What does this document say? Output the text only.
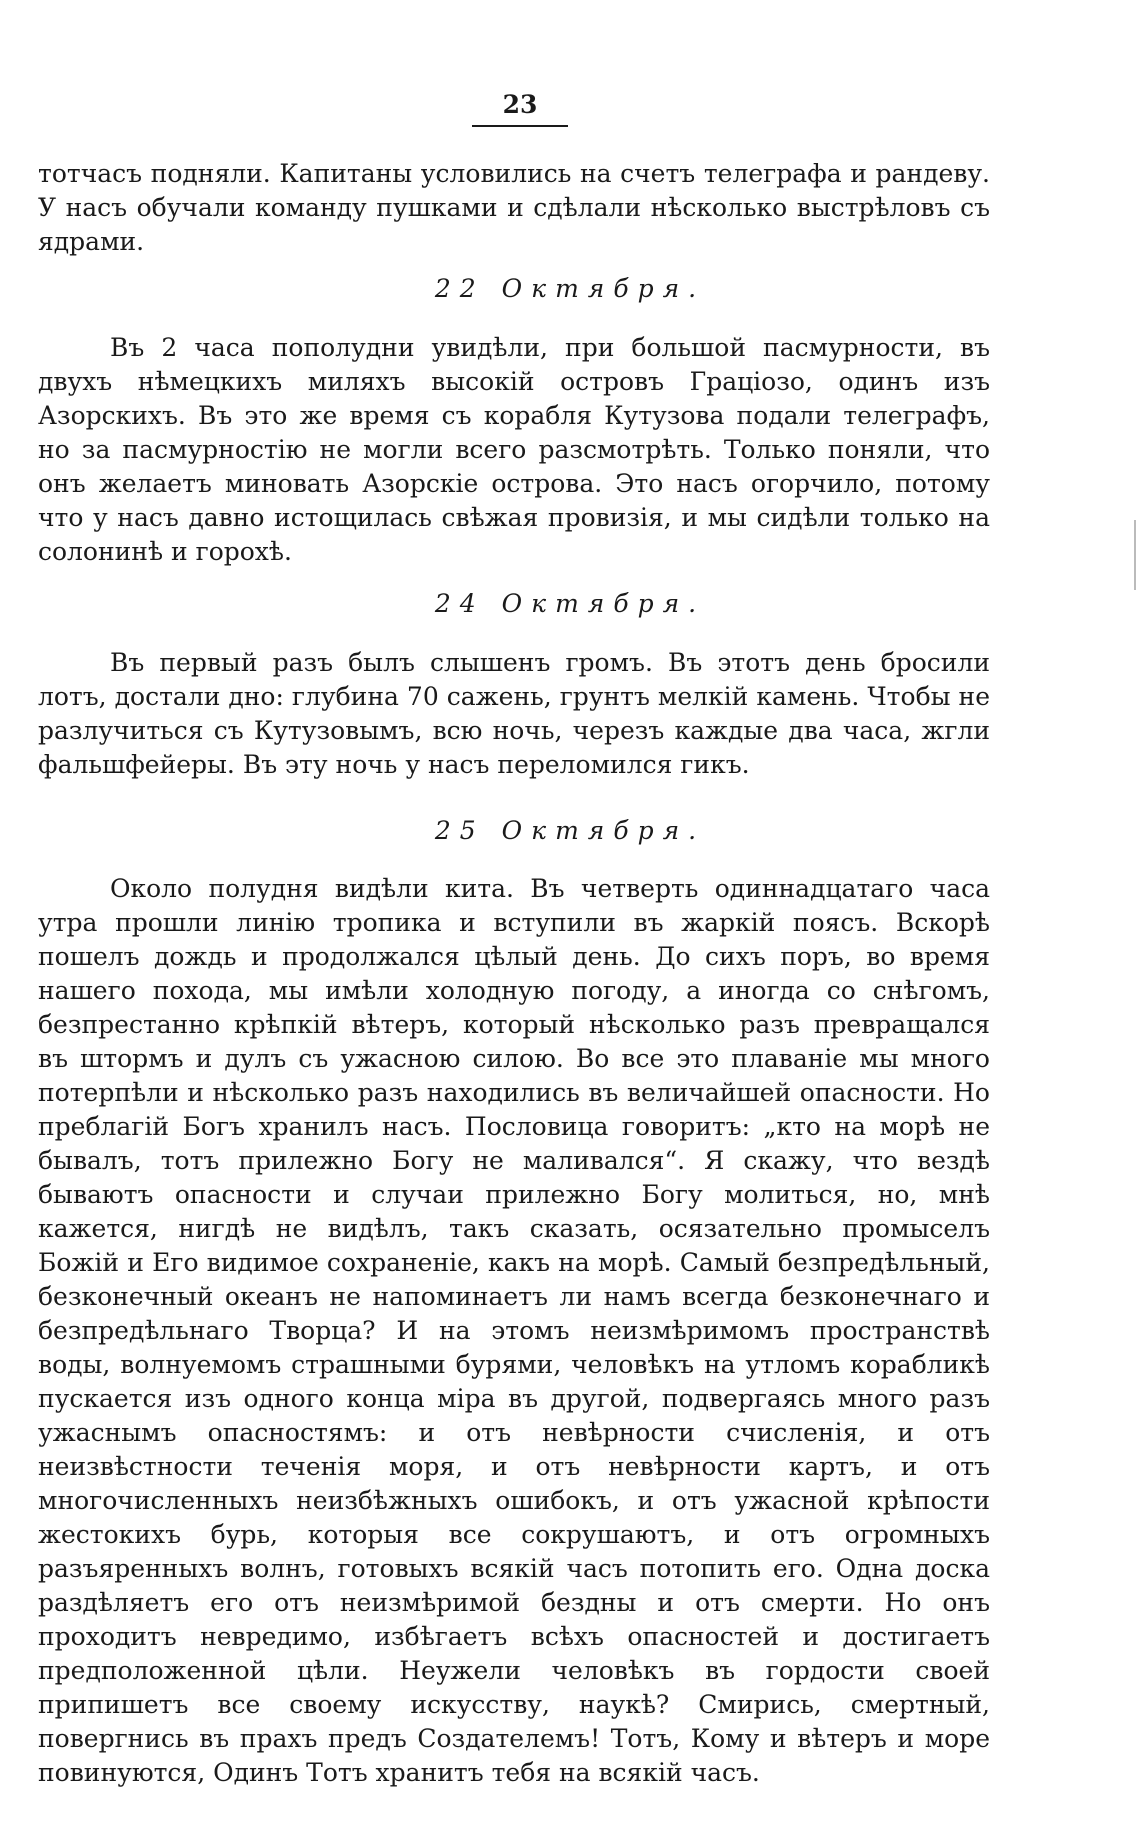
23

тотчасъ подняли. Капитаны условились на счетъ телеграфа и рандеву. У насъ обучали команду пушками и сдѣлали нѣсколько выстрѣловъ съ ядрами.

22 Октября.

Въ 2 часа пополудни увидѣли, при большой пасмурности, въ двухъ нѣмецкихъ миляхъ высокій островъ Граціозо, одинъ изъ Азорскихъ. Въ это же время съ корабля Кутузова подали телеграфъ, но за пасмурностію не могли всего разсмотрѣть. Только поняли, что онъ желаетъ миновать Азорскіе острова. Это насъ огорчило, потому что у насъ давно истощилась свѣжая провизія, и мы сидѣли только на солонинѣ и горохѣ.

24 Октября.

Въ первый разъ былъ слышенъ громъ. Въ этотъ день бросили лотъ, достали дно: глубина 70 сажень, грунтъ мелкій камень. Чтобы не разлучиться съ Кутузовымъ, всю ночь, черезъ каждые два часа, жгли фальшфейеры. Въ эту ночь у насъ переломился гикъ.

25 Октября.

Около полудня видѣли кита. Въ четверть одиннадцатаго часа утра прошли линію тропика и вступили въ жаркій поясъ. Вскорѣ пошелъ дождь и продолжался цѣлый день. До сихъ поръ, во время нашего похода, мы имѣли холодную погоду, а иногда со снѣгомъ, безпрестанно крѣпкій вѣтеръ, который нѣсколько разъ превращался въ штормъ и дулъ съ ужасною силою. Во все это плаваніе мы много потерпѣли и нѣсколько разъ находились въ величайшей опасности. Но преблагій Богъ хранилъ насъ. Пословица говоритъ: „кто на морѣ не бывалъ, тотъ прилежно Богу не маливался“. Я скажу, что вездѣ бываютъ опасности и случаи прилежно Богу молиться, но, мнѣ кажется, нигдѣ не видѣлъ, такъ сказать, осязательно промыселъ Божій и Его видимое сохраненіе, какъ на морѣ. Самый безпредѣльный, безконечный океанъ не напоминаетъ ли намъ всегда безконечнаго и безпредѣльнаго Творца? И на этомъ неизмѣримомъ пространствѣ воды, волнуемомъ страшными бурями, человѣкъ на утломъ корабликѣ пускается изъ одного конца міра въ другой, подвергаясь много разъ ужаснымъ опасностямъ: и отъ невѣрности счисленія, и отъ неизвѣстности теченія моря, и отъ невѣрности картъ, и отъ многочисленныхъ неизбѣжныхъ ошибокъ, и отъ ужасной крѣпости жестокихъ бурь, которыя все сокрушаютъ, и отъ огромныхъ разъяренныхъ волнъ, готовыхъ всякій часъ потопить его. Одна доска раздѣляетъ его отъ неизмѣримой бездны и отъ смерти. Но онъ проходитъ невредимо, избѣгаетъ всѣхъ опасностей и достигаетъ предположенной цѣли. Неужели человѣкъ въ гордости своей припишетъ все своему искусству, наукѣ? Смирись, смертный, повергнись въ прахъ предъ Создателемъ! Тотъ, Кому и вѣтеръ и море повинуются, Одинъ Тотъ хранитъ тебя на всякій часъ.
